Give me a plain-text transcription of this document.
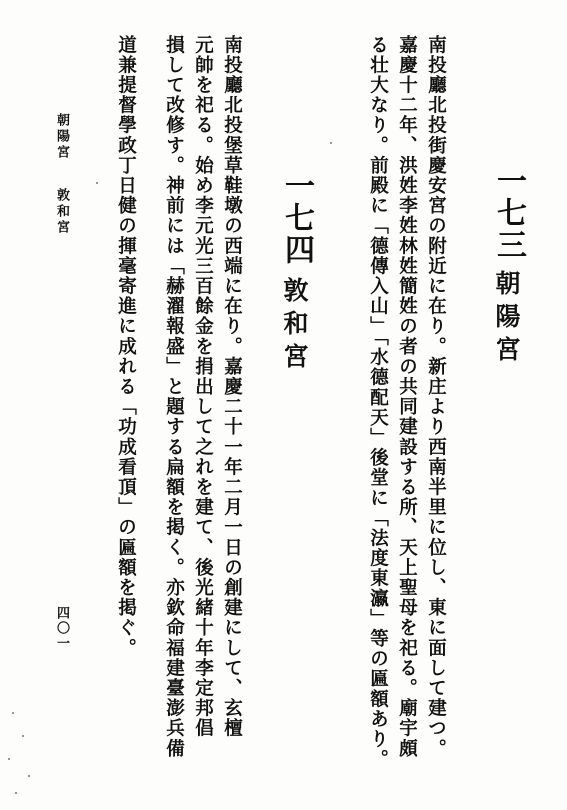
一七三
朝陽宮
南投廳北投街慶安宮の附近に在り。新庄より西南半里に位し、東に面して建つ。
嘉慶十二年、洪姓李姓林姓簡姓の者の共同建設する所、天上聖母を祀る。廟宇頗
る壮大なり。前殿に「德傳入山」「水德配天」後堂に「法度東瀛」等の匾額あり。
一七四
敦和宮
南投廳北投堡草鞋墩の西端に在り。嘉慶二十一年二月一日の創建にして、玄檀
元帥を祀る。始め李元光三百餘金を捐出して之れを建て、後光緒十年李定邦倡
損して改修す。神前には「赫濯報盛」と題する扁額を掲く。亦欽命福建臺澎兵備
道兼提督學政丁日健の揮毫寄進に成れる「功成看頂」の匾額を掲ぐ。
朝陽宮
敦和宮
四〇一
